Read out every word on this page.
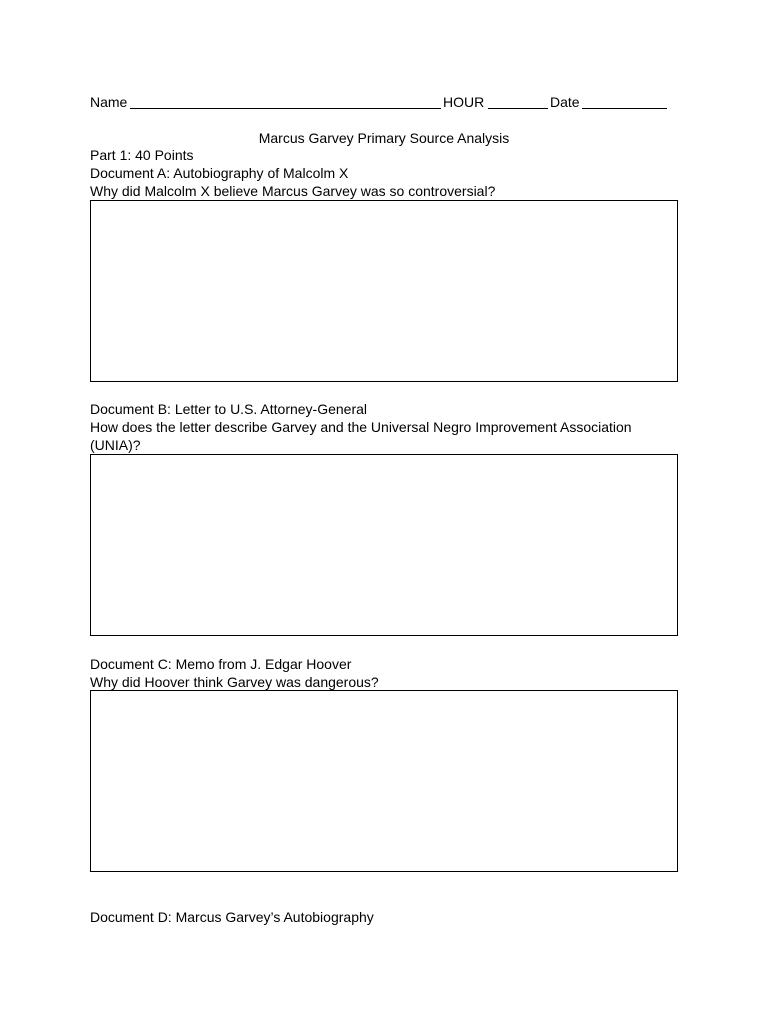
Name	HOUR	Date
Marcus Garvey Primary Source Analysis
Part 1: 40 Points
Document A: Autobiography of Malcolm X
Why did Malcolm X believe Marcus Garvey was so controversial?
Document B: Letter to U.S. Attorney-General
How does the letter describe Garvey and the Universal Negro Improvement Association (UNIA)?
Document C: Memo from J. Edgar Hoover
Why did Hoover think Garvey was dangerous?
Document D: Marcus Garvey’s Autobiography
